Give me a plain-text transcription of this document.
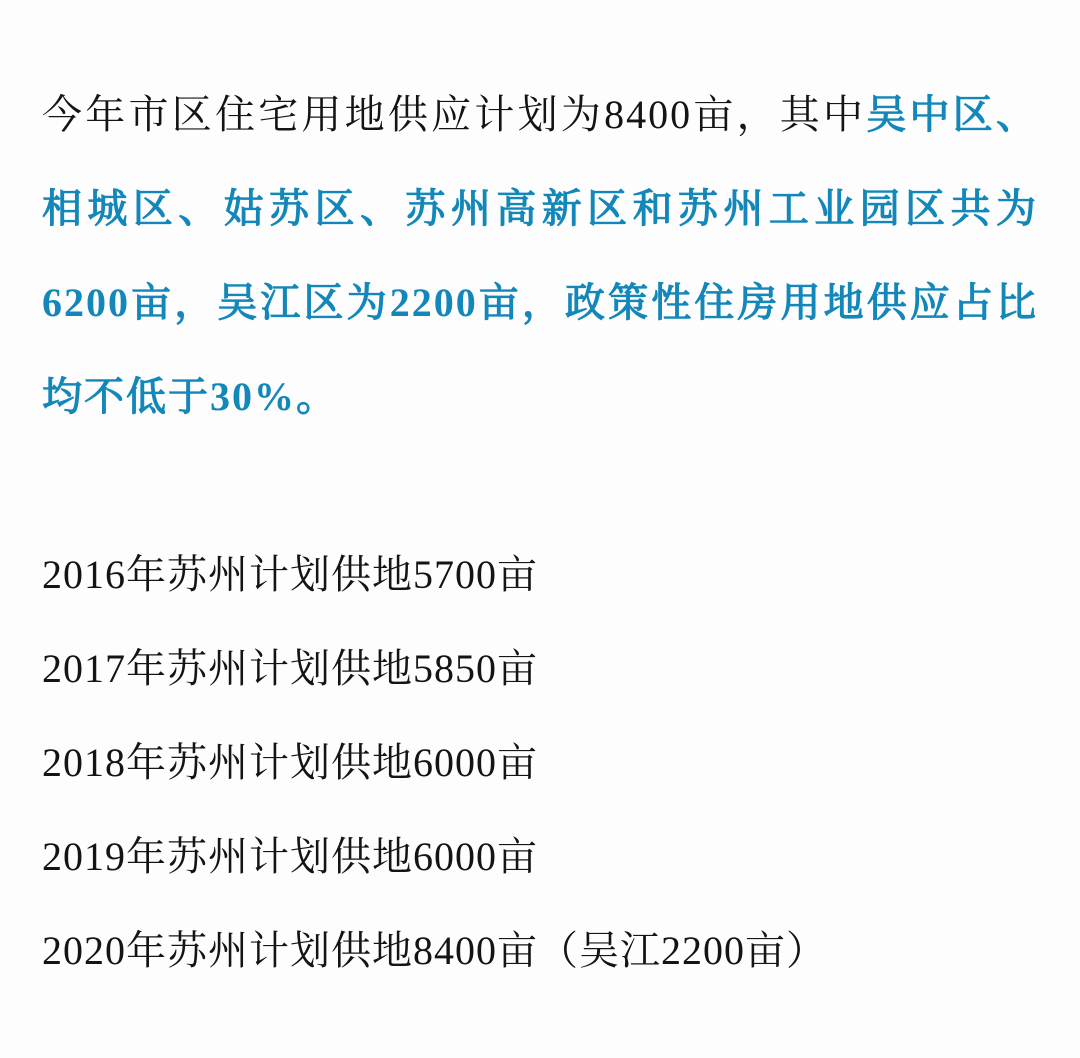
今年市区住宅用地供应计划为8400亩，其中吴中区、相城区、姑苏区、苏州高新区和苏州工业园区共为6200亩，吴江区为2200亩，政策性住房用地供应占比均不低于30%。

2016年苏州计划供地5700亩
2017年苏州计划供地5850亩
2018年苏州计划供地6000亩
2019年苏州计划供地6000亩
2020年苏州计划供地8400亩（吴江2200亩）
